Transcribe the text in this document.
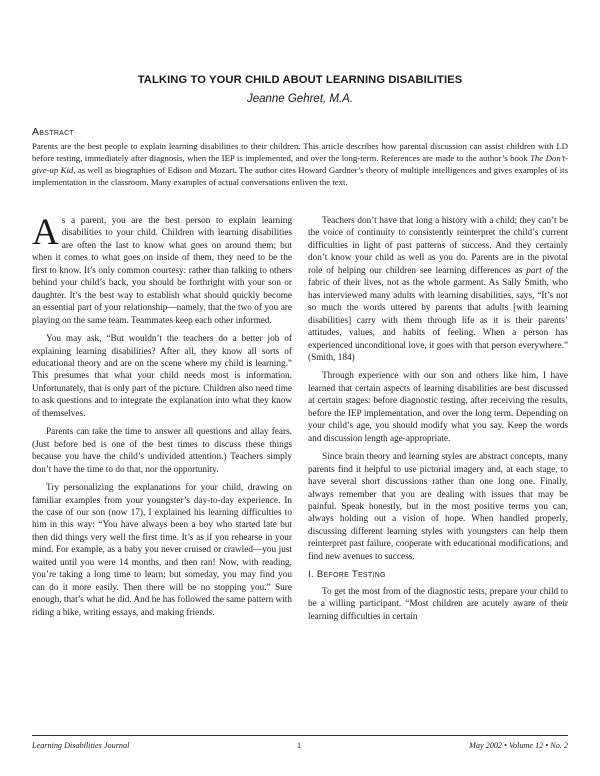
TALKING TO YOUR CHILD ABOUT LEARNING DISABILITIES
Jeanne Gehret, M.A.
Abstract

Parents are the best people to explain learning disabilities to their children. This article describes how parental discussion can assist children with LD before testing, immediately after diagnosis, when the IEP is implemented, and over the long-term. References are made to the author’s book The Don’t-give-up Kid, as well as biographies of Edison and Mozart. The author cites Howard Gardner’s theory of multiple intelligences and gives examples of its implementation in the classroom. Many examples of actual conversations enliven the text.

As a parent, you are the best person to explain learning disabilities to your child. Children with learning disabilities are often the last to know what goes on around them; but when it comes to what goes on inside of them, they need to be the first to know. It’s only common courtesy: rather than talking to others behind your child’s back, you should be forthright with your son or daughter. It’s the best way to establish what should quickly become an essential part of your relationship—namely, that the two of you are playing on the same team. Teammates keep each other informed.

You may ask, “But wouldn’t the teachers do a better job of explaining learning disabilities? After all, they know all sorts of educational theory and are on the scene where my child is learning.” This presumes that what your child needs most is information. Unfortunately, that is only part of the picture. Children also need time to ask questions and to integrate the explanation into what they know of themselves.

Parents can take the time to answer all questions and allay fears. (Just before bed is one of the best times to discuss these things because you have the child’s undivided attention.) Teachers simply don’t have the time to do that, nor the opportunity.

Try personalizing the explanations for your child, drawing on familiar examples from your youngster’s day-to-day experience. In the case of our son (now 17), I explained his learning difficulties to him in this way: “You have always been a boy who started late but then did things very well the first time. It’s as if you rehearse in your mind. For example, as a baby you never cruised or crawled—you just waited until you were 14 months, and then ran! Now, with reading, you’re taking a long time to learn; but someday, you may find you can do it more easily. Then there will be no stopping you.” Sure enough, that’s what he did. And he has followed the same pattern with riding a bike, writing essays, and making friends.

Teachers don’t have that long a history with a child; they can’t be the voice of continuity to consistently reinterpret the child’s current difficulties in light of past patterns of success. And they certainly don’t know your child as well as you do. Parents are in the pivotal role of helping our children see learning differences as part of the fabric of their lives, not as the whole garment. As Sally Smith, who has interviewed many adults with learning disabilities, says, “It’s not so much the words uttered by parents that adults [with learning disabilities] carry with them through life as it is their parents’ attitudes, values, and habits of feeling. When a person has experienced unconditional love, it goes with that person everywhere.” (Smith, 184)

Through experience with our son and others like him, I have learned that certain aspects of learning disabilities are best discussed at certain stages: before diagnostic testing, after receiving the results, before the IEP implementation, and over the long term. Depending on your child’s age, you should modify what you say. Keep the words and discussion length age-appropriate.

Since brain theory and learning styles are abstract concepts, many parents find it helpful to use pictorial imagery and, at each stage, to have several short discussions rather than one long one. Finally, always remember that you are dealing with issues that may be painful. Speak honestly, but in the most positive terms you can, always holding out a vision of hope. When handled properly, discussing different learning styles with youngsters can help them reinterpret past failure, cooperate with educational modifications, and find new avenues to success.

I. Before Testing

To get the most from of the diagnostic tests, prepare your child to be a willing participant. “Most children are acutely aware of their learning difficulties in certain

Learning Disabilities Journal	1	May 2002 • Volume 12 • No. 2
